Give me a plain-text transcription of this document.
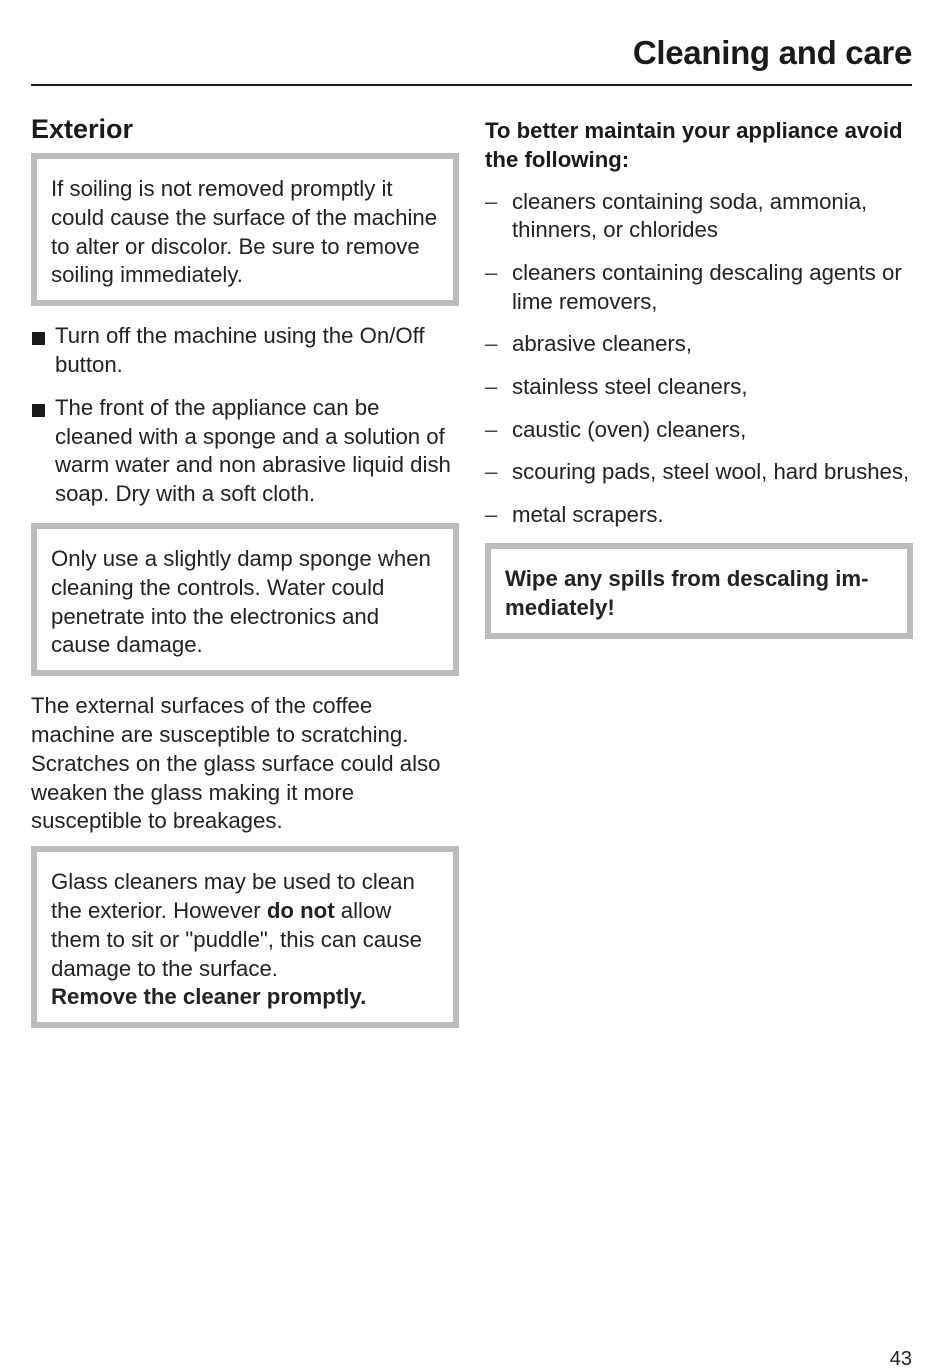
Cleaning and care
Exterior
If soiling is not removed promptly it could cause the surface of the machine to alter or discolor. Be sure to remove soiling immediately.
Turn off the machine using the On/Off button.
The front of the appliance can be cleaned with a sponge and a solution of warm water and non abrasive liquid dish soap. Dry with a soft cloth.
Only use a slightly damp sponge when cleaning the controls. Water could penetrate into the electronics and cause damage.

The external surfaces of the coffee machine are susceptible to scratching. Scratches on the glass surface could also weaken the glass making it more susceptible to breakages.

Glass cleaners may be used to clean the exterior. However do not allow them to sit or "puddle", this can cause damage to the surface.
Remove the cleaner promptly.

To better maintain your appliance avoid the following:

– cleaners containing soda, ammonia, thinners, or chlorides
– cleaners containing descaling agents or lime removers,
– abrasive cleaners,
– stainless steel cleaners,
– caustic (oven) cleaners,
– scouring pads, steel wool, hard brushes,
– metal scrapers.
Wipe any spills from descaling im- mediately!
43
